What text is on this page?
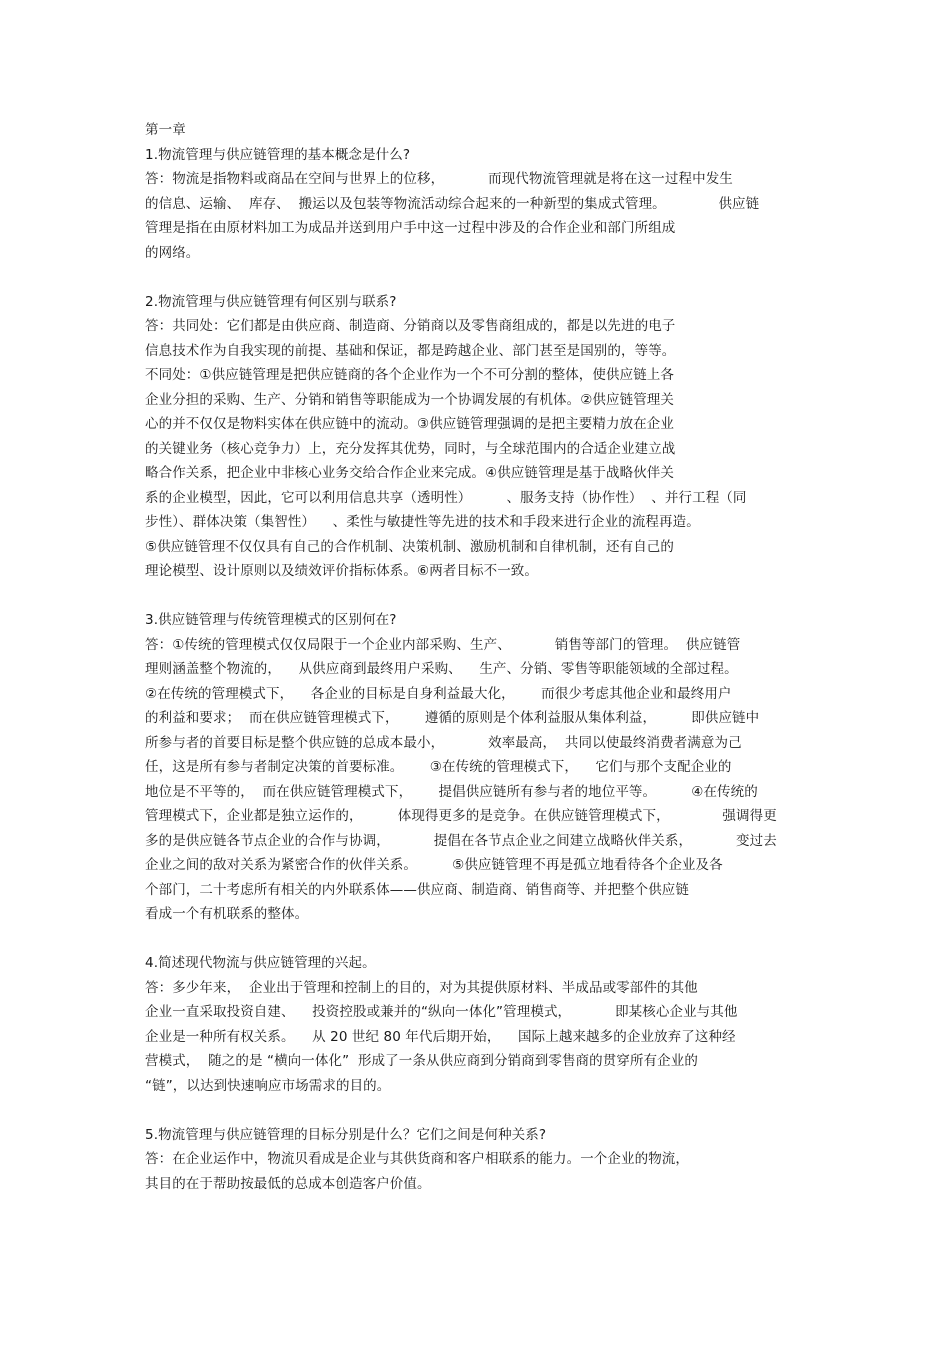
第一章
1.物流管理与供应链管理的基本概念是什么?
答：物流是指物料或商品在空间与世界上的位移，          而现代物流管理就是将在这一过程中发生
的信息、运输、  库存、  搬运以及包装等物流活动综合起来的一种新型的集成式管理。            供应链
管理是指在由原材料加工为成品并送到用户手中这一过程中涉及的合作企业和部门所组成
的网络。
2.物流管理与供应链管理有何区别与联系?
答：共同处：它们都是由供应商、制造商、分销商以及零售商组成的，都是以先进的电子
信息技术作为自我实现的前提、基础和保证，都是跨越企业、部门甚至是国别的，等等。
不同处：①供应链管理是把供应链商的各个企业作为一个不可分割的整体，使供应链上各
企业分担的采购、生产、分销和销售等职能成为一个协调发展的有机体。②供应链管理关
心的并不仅仅是物料实体在供应链中的流动。③供应链管理强调的是把主要精力放在企业
的关键业务（核心竞争力）上，充分发挥其优势，同时，与全球范围内的合适企业建立战
略合作关系，把企业中非核心业务交给合作企业来完成。④供应链管理是基于战略伙伴关
系的企业模型，因此，它可以利用信息共享（透明性）        、服务支持（协作性）  、并行工程（同
步性）、群体决策（集智性）    、柔性与敏捷性等先进的技术和手段来进行企业的流程再造。
⑤供应链管理不仅仅具有自己的合作机制、决策机制、激励机制和自律机制，还有自己的
理论模型、设计原则以及绩效评价指标体系。⑥两者目标不一致。
3.供应链管理与传统管理模式的区别何在?
答：①传统的管理模式仅仅局限于一个企业内部采购、生产、          销售等部门的管理。  供应链管
理则涵盖整个物流的，    从供应商到最终用户采购、    生产、分销、零售等职能领域的全部过程。
②在传统的管理模式下，    各企业的目标是自身利益最大化，      而很少考虑其他企业和最终用户
的利益和要求；  而在供应链管理模式下，      遵循的原则是个体利益服从集体利益，        即供应链中
所参与者的首要目标是整个供应链的总成本最小，          效率最高，  共同以使最终消费者满意为己
任，这是所有参与者制定决策的首要标准。      ③在传统的管理模式下，    它们与那个支配企业的
地位是不平等的，  而在供应链管理模式下，      提倡供应链所有参与者的地位平等。        ④在传统的
管理模式下，企业都是独立运作的，        体现得更多的是竞争。在供应链管理模式下，            强调得更
多的是供应链各节点企业的合作与协调，          提倡在各节点企业之间建立战略伙伴关系，          变过去
企业之间的敌对关系为紧密合作的伙伴关系。        ⑤供应链管理不再是孤立地看待各个企业及各
个部门，二十考虑所有相关的内外联系体——供应商、制造商、销售商等、并把整个供应链
看成一个有机联系的整体。
4.简述现代物流与供应链管理的兴起。
答：多少年来，  企业出于管理和控制上的目的，对为其提供原材料、半成品或零部件的其他
企业一直采取投资自建、    投资控股或兼并的“纵向一体化”管理模式，          即某核心企业与其他
企业是一种所有权关系。    从 20 世纪 80 年代后期开始，    国际上越来越多的企业放弃了这种经
营模式，  随之的是 “横向一体化”  形成了一条从供应商到分销商到零售商的贯穿所有企业的
“链”，以达到快速响应市场需求的目的。
5.物流管理与供应链管理的目标分别是什么？它们之间是何种关系?
答：在企业运作中，物流贝看成是企业与其供货商和客户相联系的能力。一个企业的物流，
其目的在于帮助按最低的总成本创造客户价值。
